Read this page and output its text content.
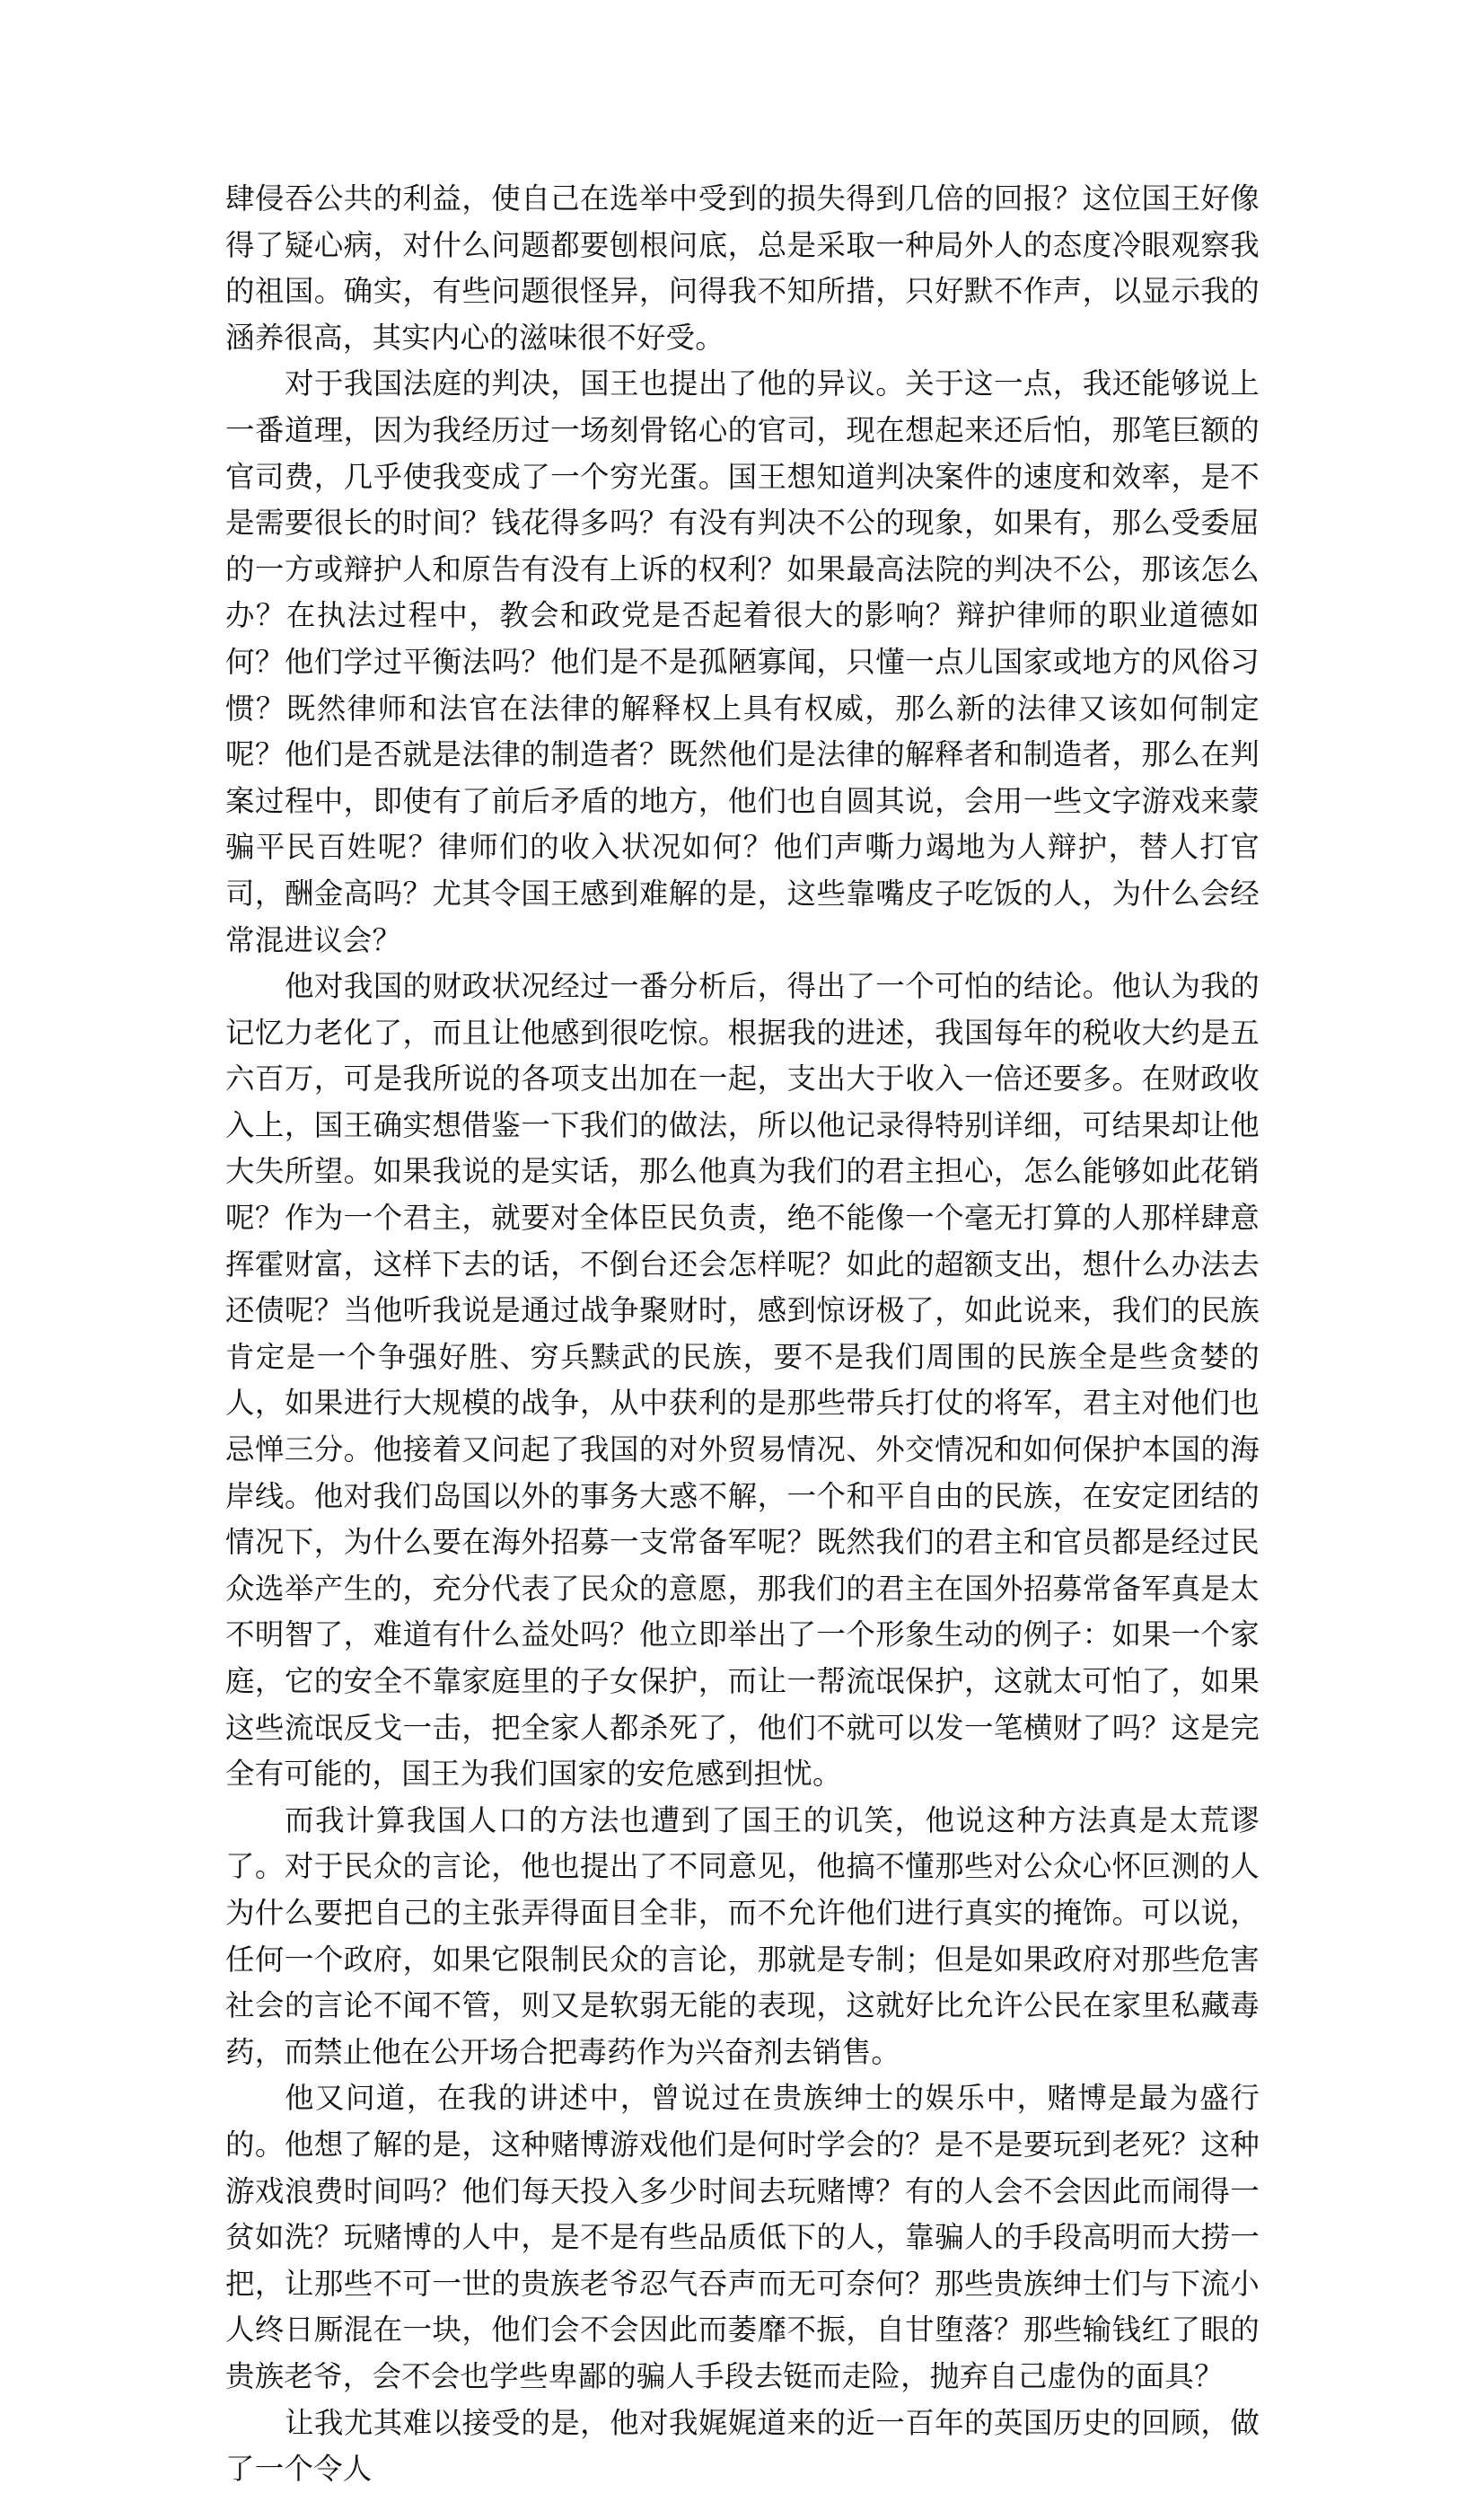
肆侵吞公共的利益，使自己在选举中受到的损失得到几倍的回报？这位国王好像得了疑心病，对什么问题都要刨根问底，总是采取一种局外人的态度冷眼观察我的祖国。确实，有些问题很怪异，问得我不知所措，只好默不作声，以显示我的涵养很高，其实内心的滋味很不好受。

对于我国法庭的判决，国王也提出了他的异议。关于这一点，我还能够说上一番道理，因为我经历过一场刻骨铭心的官司，现在想起来还后怕，那笔巨额的官司费，几乎使我变成了一个穷光蛋。国王想知道判决案件的速度和效率，是不是需要很长的时间？钱花得多吗？有没有判决不公的现象，如果有，那么受委屈的一方或辩护人和原告有没有上诉的权利？如果最高法院的判决不公，那该怎么办？在执法过程中，教会和政党是否起着很大的影响？辩护律师的职业道德如何？他们学过平衡法吗？他们是不是孤陋寡闻，只懂一点儿国家或地方的风俗习惯？既然律师和法官在法律的解释权上具有权威，那么新的法律又该如何制定呢？他们是否就是法律的制造者？既然他们是法律的解释者和制造者，那么在判案过程中，即使有了前后矛盾的地方，他们也自圆其说，会用一些文字游戏来蒙骗平民百姓呢？律师们的收入状况如何？他们声嘶力竭地为人辩护，替人打官司，酬金高吗？尤其令国王感到难解的是，这些靠嘴皮子吃饭的人，为什么会经常混进议会？

他对我国的财政状况经过一番分析后，得出了一个可怕的结论。他认为我的记忆力老化了，而且让他感到很吃惊。根据我的进述，我国每年的税收大约是五六百万，可是我所说的各项支出加在一起，支出大于收入一倍还要多。在财政收入上，国王确实想借鉴一下我们的做法，所以他记录得特别详细，可结果却让他大失所望。如果我说的是实话，那么他真为我们的君主担心，怎么能够如此花销呢？作为一个君主，就要对全体臣民负责，绝不能像一个毫无打算的人那样肆意挥霍财富，这样下去的话，不倒台还会怎样呢？如此的超额支出，想什么办法去还债呢？当他听我说是通过战争聚财时，感到惊讶极了，如此说来，我们的民族肯定是一个争强好胜、穷兵黩武的民族，要不是我们周围的民族全是些贪婪的人，如果进行大规模的战争，从中获利的是那些带兵打仗的将军，君主对他们也忌惮三分。他接着又问起了我国的对外贸易情况、外交情况和如何保护本国的海岸线。他对我们岛国以外的事务大惑不解，一个和平自由的民族，在安定团结的情况下，为什么要在海外招募一支常备军呢？既然我们的君主和官员都是经过民众选举产生的，充分代表了民众的意愿，那我们的君主在国外招募常备军真是太不明智了，难道有什么益处吗？他立即举出了一个形象生动的例子：如果一个家庭，它的安全不靠家庭里的子女保护，而让一帮流氓保护，这就太可怕了，如果这些流氓反戈一击，把全家人都杀死了，他们不就可以发一笔横财了吗？这是完全有可能的，国王为我们国家的安危感到担忧。

而我计算我国人口的方法也遭到了国王的讥笑，他说这种方法真是太荒谬了。对于民众的言论，他也提出了不同意见，他搞不懂那些对公众心怀叵测的人为什么要把自己的主张弄得面目全非，而不允许他们进行真实的掩饰。可以说，任何一个政府，如果它限制民众的言论，那就是专制；但是如果政府对那些危害社会的言论不闻不管，则又是软弱无能的表现，这就好比允许公民在家里私藏毒药，而禁止他在公开场合把毒药作为兴奋剂去销售。

他又问道，在我的讲述中，曾说过在贵族绅士的娱乐中，赌博是最为盛行的。他想了解的是，这种赌博游戏他们是何时学会的？是不是要玩到老死？这种游戏浪费时间吗？他们每天投入多少时间去玩赌博？有的人会不会因此而闹得一贫如洗？玩赌博的人中，是不是有些品质低下的人，靠骗人的手段高明而大捞一把，让那些不可一世的贵族老爷忍气吞声而无可奈何？那些贵族绅士们与下流小人终日厮混在一块，他们会不会因此而萎靡不振，自甘堕落？那些输钱红了眼的贵族老爷，会不会也学些卑鄙的骗人手段去铤而走险，抛弃自己虚伪的面具？

让我尤其难以接受的是，他对我娓娓道来的近一百年的英国历史的回顾，做了一个令人
